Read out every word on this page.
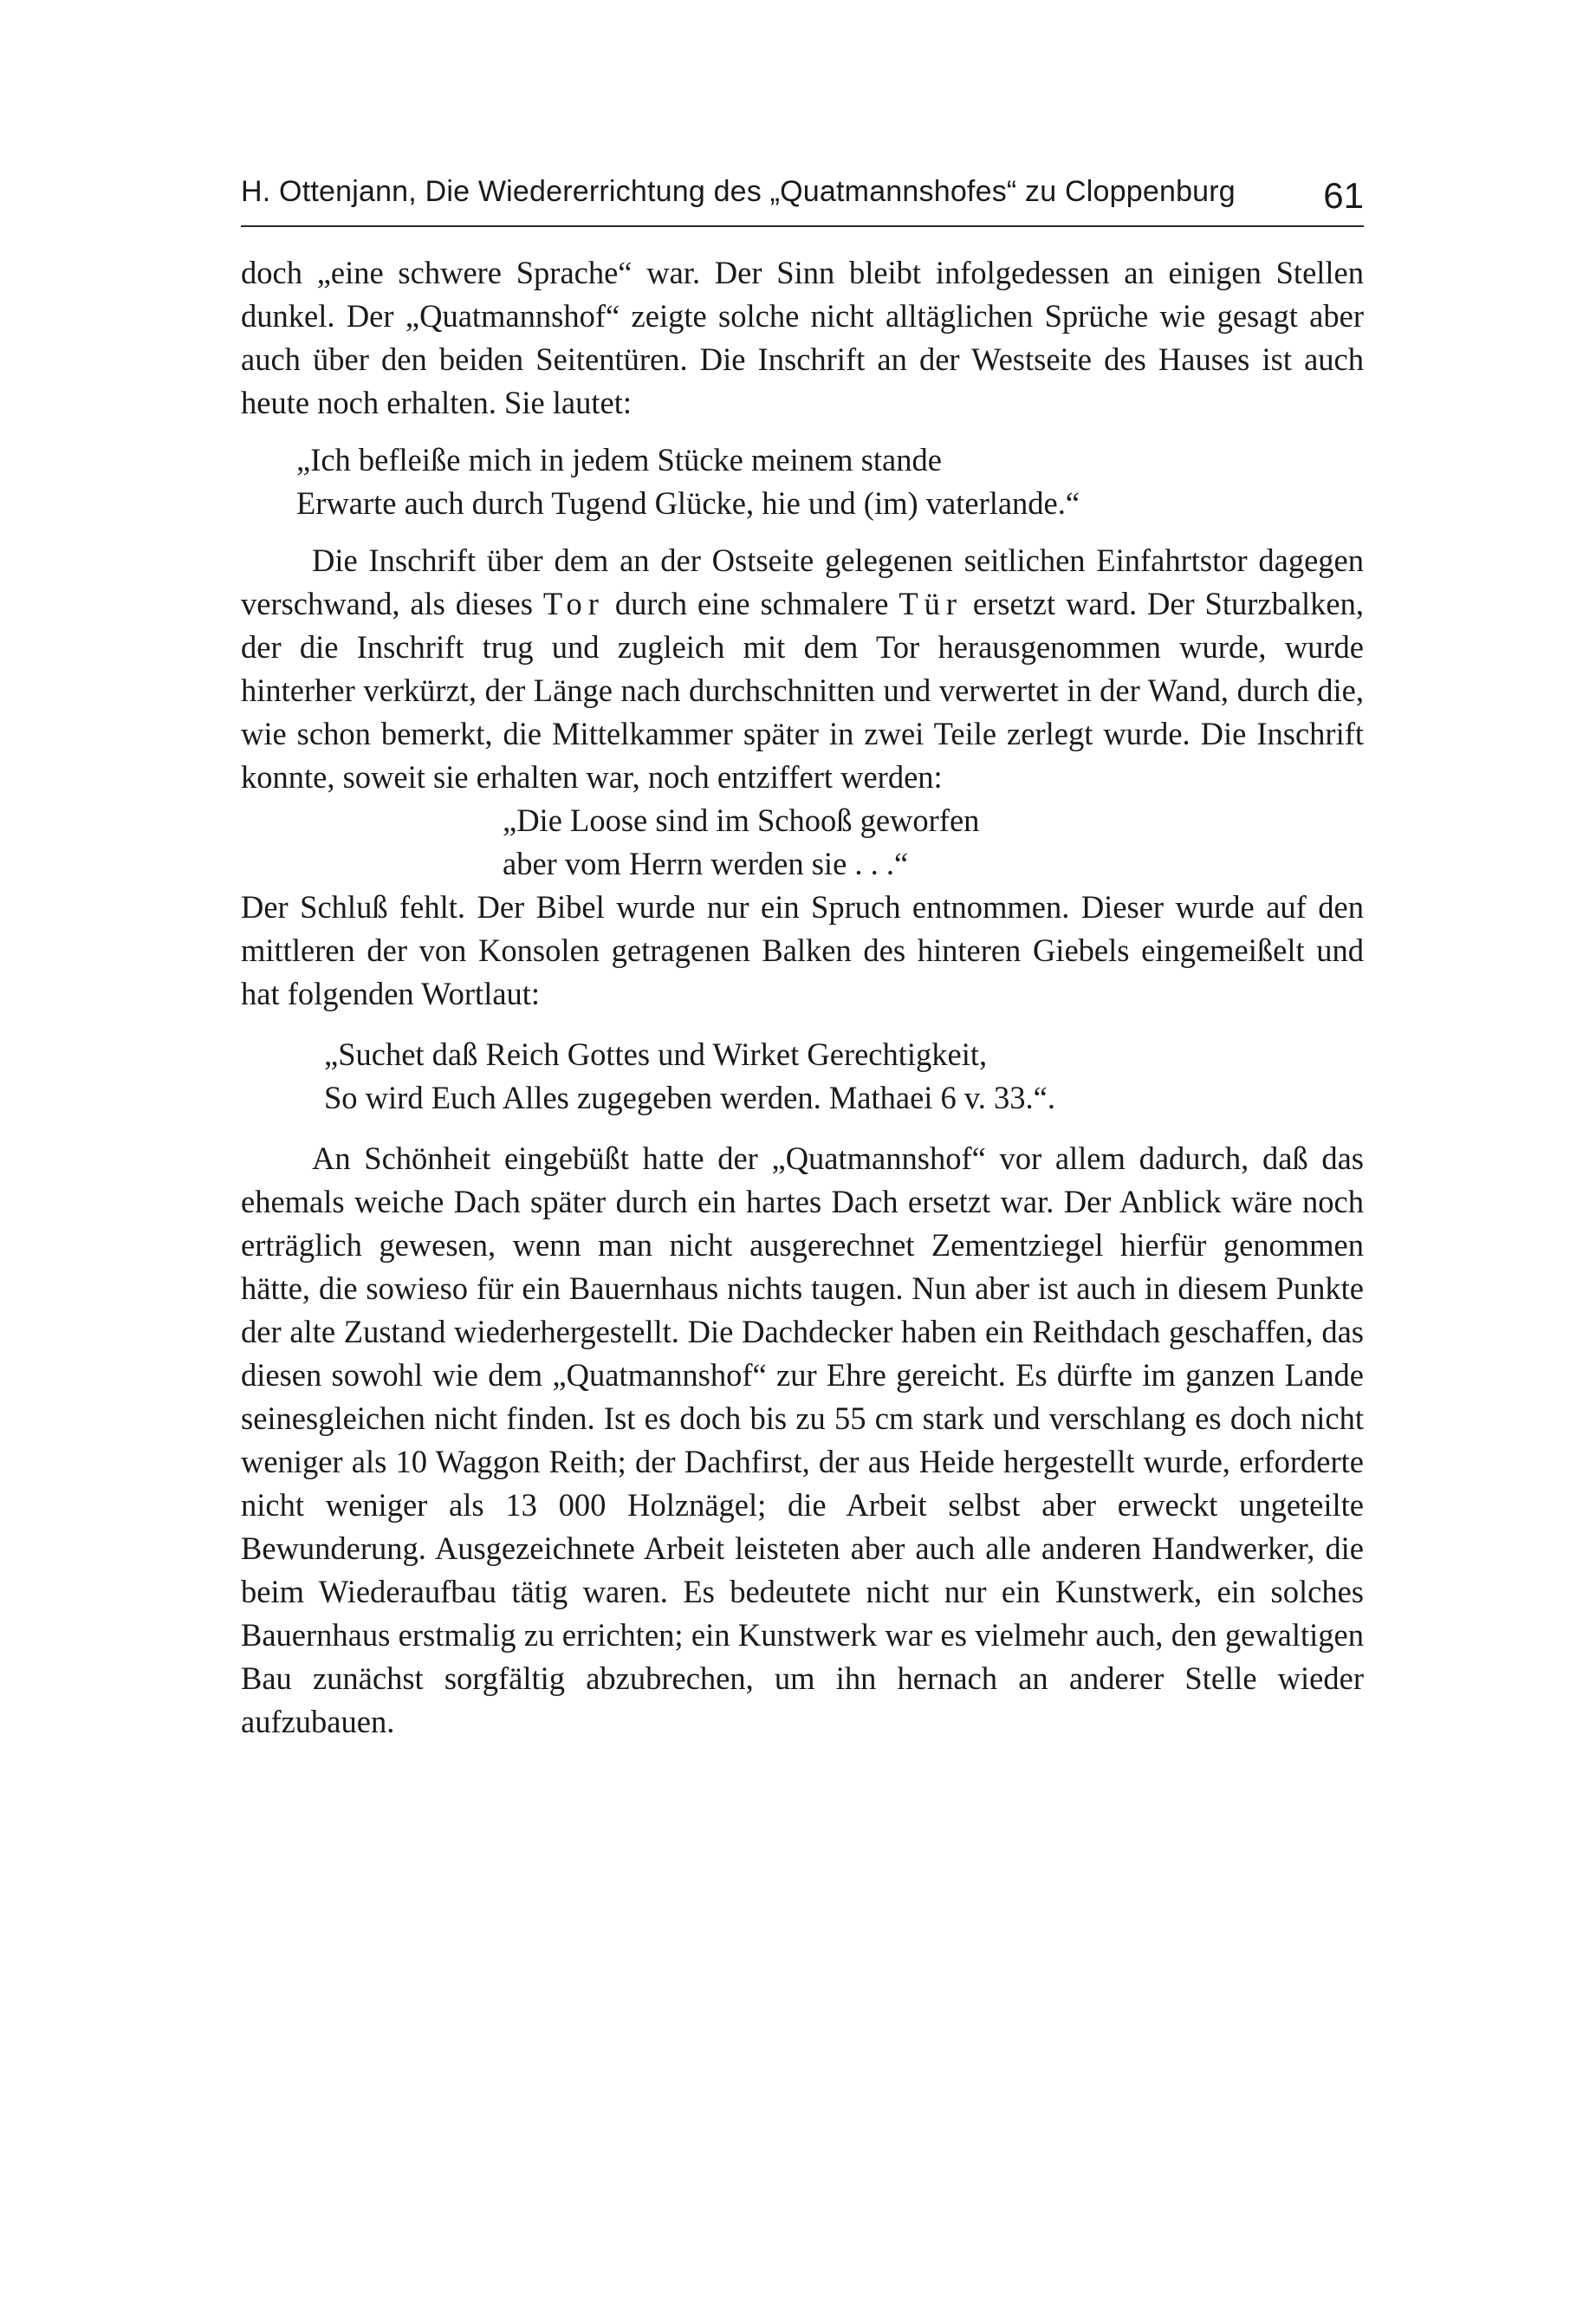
H. Ottenjann, Die Wiedererrichtung des „Quatmannshofes“ zu Cloppenburg 61

doch „eine schwere Sprache“ war. Der Sinn bleibt infolgedessen an einigen Stellen dunkel. Der „Quatmannshof“ zeigte solche nicht alltäglichen Sprüche wie gesagt aber auch über den beiden Seitentüren. Die Inschrift an der Westseite des Hauses ist auch heute noch erhalten. Sie lautet:

„Ich befleiße mich in jedem Stücke meinem stande
Erwarte auch durch Tugend Glücke, hie und (im) vaterlande.“

Die Inschrift über dem an der Ostseite gelegenen seitlichen Einfahrtstor dagegen verschwand, als dieses Tor durch eine schmalere Tür ersetzt ward. Der Sturzbalken, der die Inschrift trug und zugleich mit dem Tor herausgenommen wurde, wurde hinterher verkürzt, der Länge nach durchschnitten und verwertet in der Wand, durch die, wie schon bemerkt, die Mittelkammer später in zwei Teile zerlegt wurde. Die Inschrift konnte, soweit sie erhalten war, noch entziffert werden:

„Die Loose sind im Schooß geworfen
aber vom Herrn werden sie . . .“

Der Schluß fehlt. Der Bibel wurde nur ein Spruch entnommen. Dieser wurde auf den mittleren der von Konsolen getragenen Balken des hinteren Giebels eingemeißelt und hat folgenden Wortlaut:

„Suchet daß Reich Gottes und Wirket Gerechtigkeit,
So wird Euch Alles zugegeben werden. Mathaei 6 v. 33.“.

An Schönheit eingebüßt hatte der „Quatmannshof“ vor allem dadurch, daß das ehemals weiche Dach später durch ein hartes Dach ersetzt war. Der Anblick wäre noch erträglich gewesen, wenn man nicht ausgerechnet Zementziegel hierfür genommen hätte, die sowieso für ein Bauernhaus nichts taugen. Nun aber ist auch in diesem Punkte der alte Zustand wiederhergestellt. Die Dachdecker haben ein Reithdach geschaffen, das diesen sowohl wie dem „Quatmannshof“ zur Ehre gereicht. Es dürfte im ganzen Lande seinesgleichen nicht finden. Ist es doch bis zu 55 cm stark und verschlang es doch nicht weniger als 10 Waggon Reith; der Dachfirst, der aus Heide hergestellt wurde, erforderte nicht weniger als 13 000 Holznägel; die Arbeit selbst aber erweckt ungeteilte Bewunderung. Ausgezeichnete Arbeit leisteten aber auch alle anderen Handwerker, die beim Wiederaufbau tätig waren. Es bedeutete nicht nur ein Kunstwerk, ein solches Bauernhaus erstmalig zu errichten; ein Kunstwerk war es vielmehr auch, den gewaltigen Bau zunächst sorgfältig abzubrechen, um ihn hernach an anderer Stelle wieder aufzubauen.
